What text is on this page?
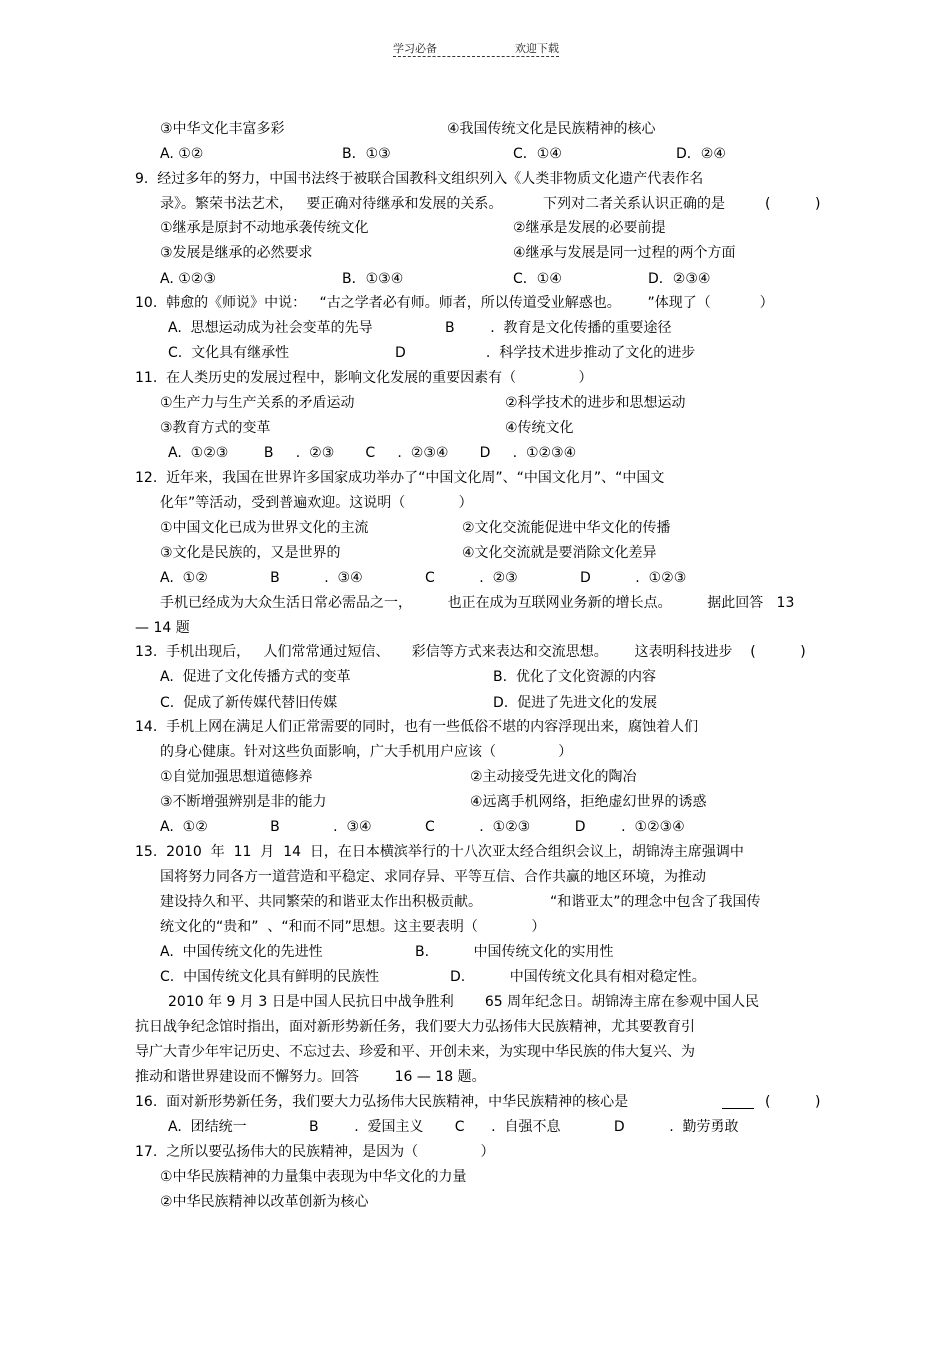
学习必备	欢迎下载
③中华文化丰富多彩	④我国传统文化是民族精神的核心
A. ①②	B．①③	C．①④	D．②④
9.  经过多年的努力，中国书法终于被联合国教科文组织列入《人类非物质文化遗产代表作名
录》。繁荣书法艺术，   要正确对待继承和发展的关系。	下列对二者关系认识正确的是	(          )
①继承是原封不动地承袭传统文化	②继承是发展的必要前提
③发展是继承的必然要求	④继承与发展是同一过程的两个方面
A. ①②③	B．①③④	C．①④	D．②③④
10.  韩愈的《师说》中说：   “古之学者必有师。师者，所以传道受业解惑也。      ”体现了（           ）
A.  思想运动成为社会变革的先导	B        .  教育是文化传播的重要途径
C.  文化具有继承性	D                  .  科学技术进步推动了文化的进步
11.  在人类历史的发展过程中，影响文化发展的重要因素有（              ）
①生产力与生产关系的矛盾运动	②科学技术的进步和思想运动
③教育方式的变革	④传统文化
A.  ①②③        B     .  ②③       C     .  ②③④       D     .  ①②③④
12.  近年来，我国在世界许多国家成功举办了“中国文化周”、“中国文化月”、“中国文
化年”等活动，受到普遍欢迎。这说明（            ）
①中国文化已成为世界文化的主流	②文化交流能促进中华文化的传播
③文化是民族的，又是世界的	④文化交流就是要消除文化差异
A.  ①②              B          .  ③④              C          .  ②③              D          .  ①②③
手机已经成为大众生活日常必需品之一，        也正在成为互联网业务新的增长点。        据此回答   13
— 14 题
13.  手机出现后，   人们常常通过短信、     彩信等方式来表达和交流思想。      这表明科技进步    (          )
A.  促进了文化传播方式的变革	B.  优化了文化资源的内容
C.  促成了新传媒代替旧传媒	D.  促进了先进文化的发展
14.  手机上网在满足人们正常需要的同时，也有一些低俗不堪的内容浮现出来，腐蚀着人们
的身心健康。针对这些负面影响，广大手机用户应该（              ）
①自觉加强思想道德修养	②主动接受先进文化的陶冶
③不断增强辨别是非的能力	④远离手机网络，拒绝虚幻世界的诱惑
A.  ①②              B            .  ③④            C          .  ①②③          D        .  ①②③④
15.  2010  年  11  月  14  日，在日本横滨举行的十八次亚太经合组织会议上，胡锦涛主席强调中
国将努力同各方一道营造和平稳定、求同存异、平等互信、合作共赢的地区环境，为推动
建设持久和平、共同繁荣的和谐亚太作出积极贡献。	“和谐亚太”的理念中包含了我国传
统文化的“贵和”  、“和而不同”思想。这主要表明（            ）
A.  中国传统文化的先进性	B.          中国传统文化的实用性
C.  中国传统文化具有鲜明的民族性	D.          中国传统文化具有相对稳定性。
2010 年 9 月 3 日是中国人民抗日中战争胜利       65 周年纪念日。胡锦涛主席在参观中国人民
抗日战争纪念馆时指出，面对新形势新任务，我们要大力弘扬伟大民族精神，尤其要教育引
导广大青少年牢记历史、不忘过去、珍爱和平、开创未来，为实现中华民族的伟大复兴、为
推动和谐世界建设而不懈努力。回答        16 — 18 题。
16.  面对新形势新任务，我们要大力弘扬伟大民族精神，中华民族精神的核心是	(          )
A.  团结统一              B        .  爱国主义       C      .  自强不息            D          .  勤劳勇敢
17.  之所以要弘扬伟大的民族精神，是因为（              ）
①中华民族精神的力量集中表现为中华文化的力量
②中华民族精神以改革创新为核心
